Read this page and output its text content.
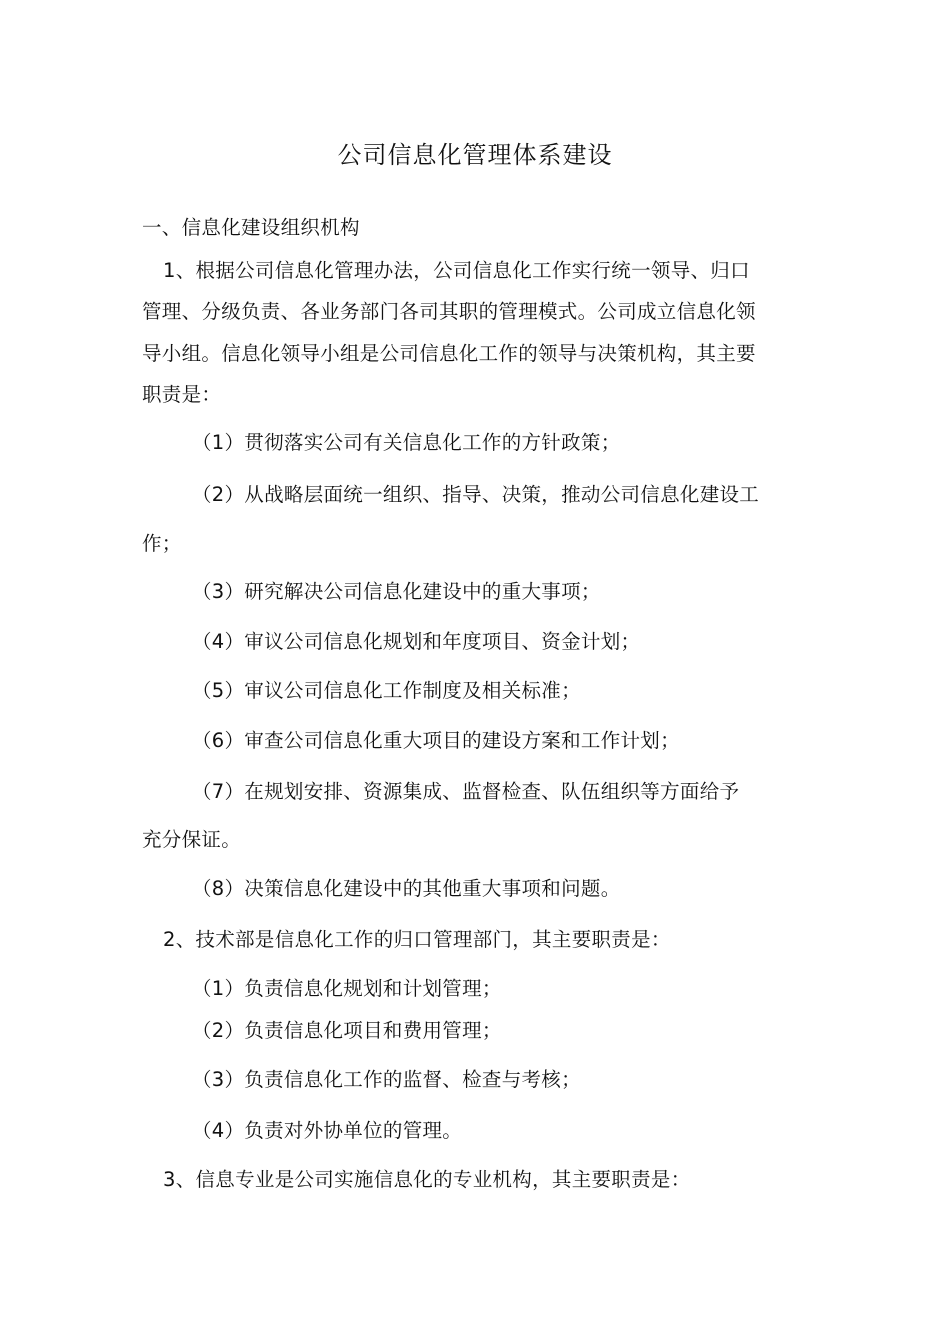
公司信息化管理体系建设
一、信息化建设组织机构
1、根据公司信息化管理办法，公司信息化工作实行统一领导、归口
管理、分级负责、各业务部门各司其职的管理模式。公司成立信息化领
导小组。信息化领导小组是公司信息化工作的领导与决策机构，其主要
职责是：
（1）贯彻落实公司有关信息化工作的方针政策；
（2）从战略层面统一组织、指导、决策，推动公司信息化建设工
作；
（3）研究解决公司信息化建设中的重大事项；
（4）审议公司信息化规划和年度项目、资金计划；
（5）审议公司信息化工作制度及相关标准；
（6）审查公司信息化重大项目的建设方案和工作计划；
（7）在规划安排、资源集成、监督检查、队伍组织等方面给予
充分保证。
（8）决策信息化建设中的其他重大事项和问题。
2、技术部是信息化工作的归口管理部门，其主要职责是：
（1）负责信息化规划和计划管理；
（2）负责信息化项目和费用管理；
（3）负责信息化工作的监督、检查与考核；
（4）负责对外协单位的管理。
3、信息专业是公司实施信息化的专业机构，其主要职责是：
